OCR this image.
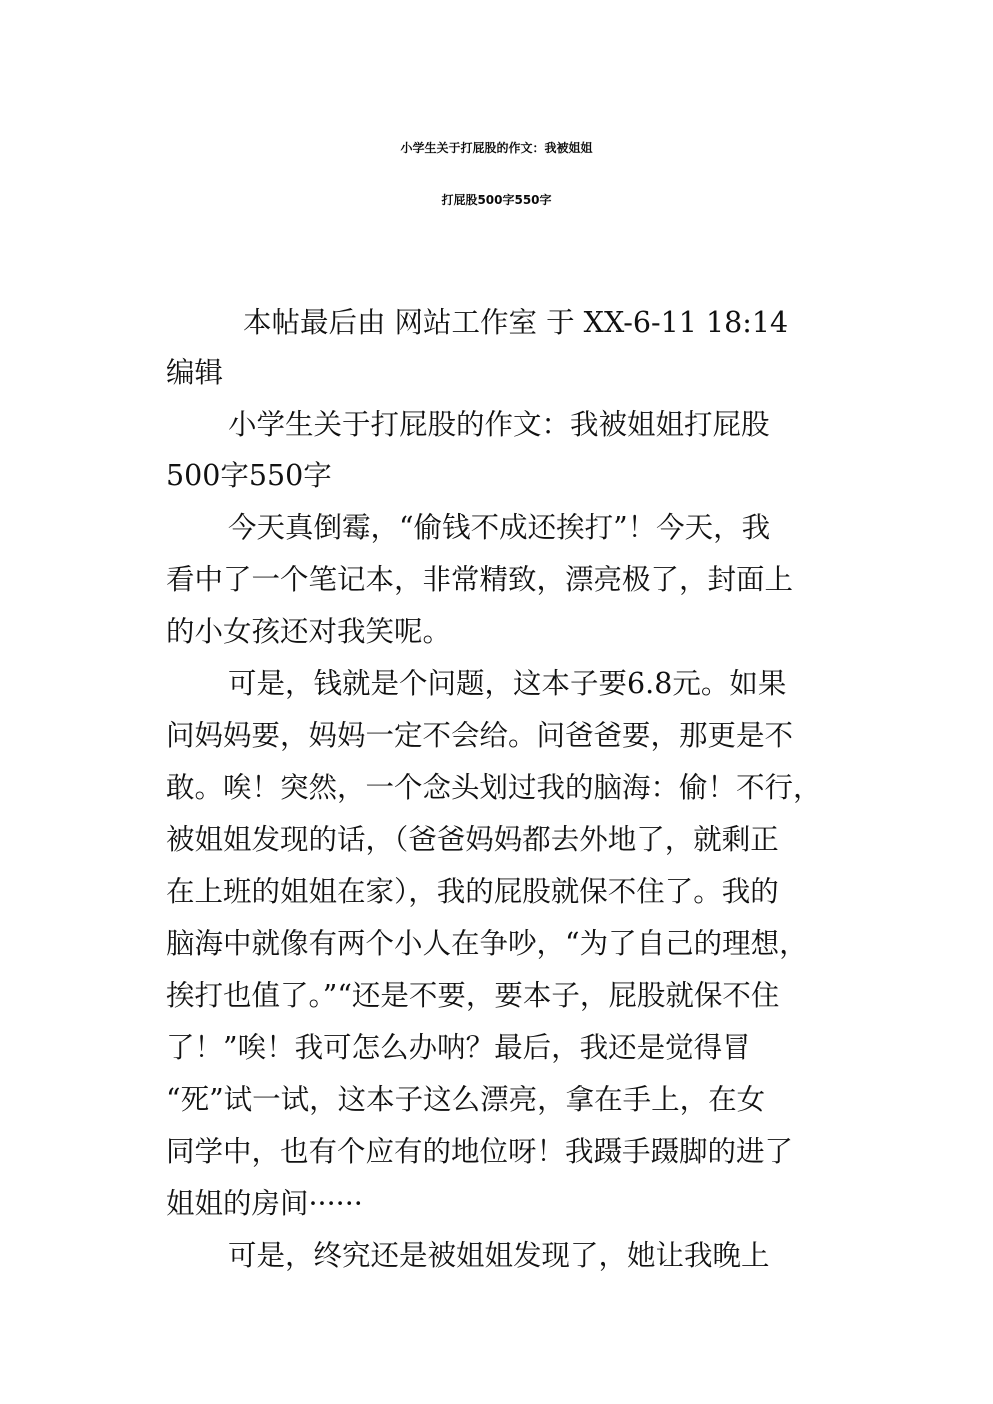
小学生关于打屁股的作文：我被姐姐
打屁股500字550字
本帖最后由 网站工作室 于 XX-6-11 18:14
编辑
小学生关于打屁股的作文：我被姐姐打屁股
500字550字
今天真倒霉，“偷钱不成还挨打”！今天，我
看中了一个笔记本，非常精致，漂亮极了，封面上
的小女孩还对我笑呢。
可是，钱就是个问题，这本子要6.8元。如果
问妈妈要，妈妈一定不会给。问爸爸要，那更是不
敢。唉！突然，一个念头划过我的脑海：偷！不行，
被姐姐发现的话，（爸爸妈妈都去外地了，就剩正
在上班的姐姐在家），我的屁股就保不住了。我的
脑海中就像有两个小人在争吵，“为了自己的理想，
挨打也值了。”“还是不要，要本子，屁股就保不住
了！”唉！我可怎么办呐？最后，我还是觉得冒
“死”试一试，这本子这么漂亮，拿在手上，在女
同学中，也有个应有的地位呀！我蹑手蹑脚的进了
姐姐的房间······
可是，终究还是被姐姐发现了，她让我晚上
